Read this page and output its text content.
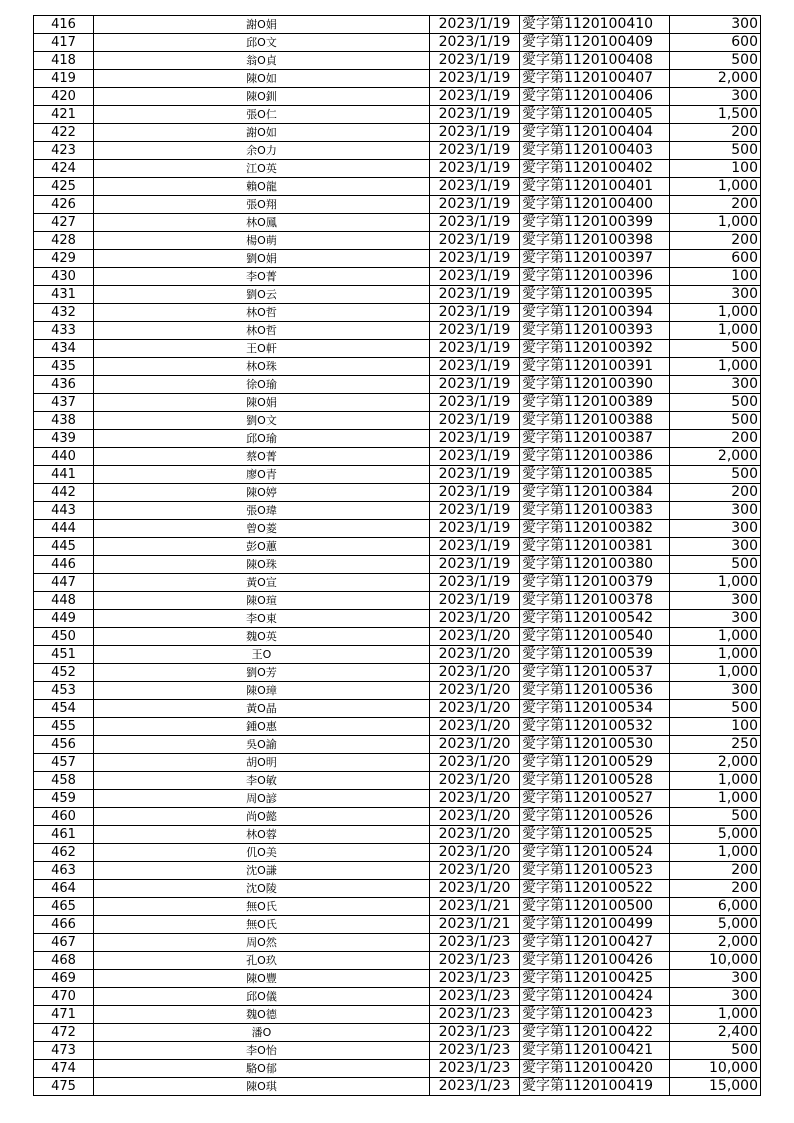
416	謝O娟	2023/1/19	愛字第1120100410	300
417	邱O文	2023/1/19	愛字第1120100409	600
418	翁O貞	2023/1/19	愛字第1120100408	500
419	陳O如	2023/1/19	愛字第1120100407	2,000
420	陳O釧	2023/1/19	愛字第1120100406	300
421	張O仁	2023/1/19	愛字第1120100405	1,500
422	謝O如	2023/1/19	愛字第1120100404	200
423	余O力	2023/1/19	愛字第1120100403	500
424	江O英	2023/1/19	愛字第1120100402	100
425	賴O龍	2023/1/19	愛字第1120100401	1,000
426	張O翔	2023/1/19	愛字第1120100400	200
427	林O鳳	2023/1/19	愛字第1120100399	1,000
428	楊O萌	2023/1/19	愛字第1120100398	200
429	劉O娟	2023/1/19	愛字第1120100397	600
430	李O菁	2023/1/19	愛字第1120100396	100
431	劉O云	2023/1/19	愛字第1120100395	300
432	林O哲	2023/1/19	愛字第1120100394	1,000
433	林O哲	2023/1/19	愛字第1120100393	1,000
434	王O軒	2023/1/19	愛字第1120100392	500
435	林O珠	2023/1/19	愛字第1120100391	1,000
436	徐O瑜	2023/1/19	愛字第1120100390	300
437	陳O娟	2023/1/19	愛字第1120100389	500
438	劉O文	2023/1/19	愛字第1120100388	500
439	邱O瑜	2023/1/19	愛字第1120100387	200
440	蔡O菁	2023/1/19	愛字第1120100386	2,000
441	廖O青	2023/1/19	愛字第1120100385	500
442	陳O婷	2023/1/19	愛字第1120100384	200
443	張O瑋	2023/1/19	愛字第1120100383	300
444	曾O菱	2023/1/19	愛字第1120100382	300
445	彭O蕙	2023/1/19	愛字第1120100381	300
446	陳O珠	2023/1/19	愛字第1120100380	500
447	黃O宣	2023/1/19	愛字第1120100379	1,000
448	陳O瑄	2023/1/19	愛字第1120100378	300
449	李O東	2023/1/20	愛字第1120100542	300
450	魏O英	2023/1/20	愛字第1120100540	1,000
451	王O	2023/1/20	愛字第1120100539	1,000
452	劉O芳	2023/1/20	愛字第1120100537	1,000
453	陳O璋	2023/1/20	愛字第1120100536	300
454	黃O晶	2023/1/20	愛字第1120100534	500
455	鍾O惠	2023/1/20	愛字第1120100532	100
456	吳O諭	2023/1/20	愛字第1120100530	250
457	胡O明	2023/1/20	愛字第1120100529	2,000
458	李O敏	2023/1/20	愛字第1120100528	1,000
459	周O諺	2023/1/20	愛字第1120100527	1,000
460	尚O懿	2023/1/20	愛字第1120100526	500
461	林O蓉	2023/1/20	愛字第1120100525	5,000
462	仉O美	2023/1/20	愛字第1120100524	1,000
463	沈O謙	2023/1/20	愛字第1120100523	200
464	沈O陵	2023/1/20	愛字第1120100522	200
465	無O氏	2023/1/21	愛字第1120100500	6,000
466	無O氏	2023/1/21	愛字第1120100499	5,000
467	周O然	2023/1/23	愛字第1120100427	2,000
468	孔O玖	2023/1/23	愛字第1120100426	10,000
469	陳O豐	2023/1/23	愛字第1120100425	300
470	邱O儀	2023/1/23	愛字第1120100424	300
471	魏O德	2023/1/23	愛字第1120100423	1,000
472	潘O	2023/1/23	愛字第1120100422	2,400
473	李O怡	2023/1/23	愛字第1120100421	500
474	駱O郁	2023/1/23	愛字第1120100420	10,000
475	陳O琪	2023/1/23	愛字第1120100419	15,000
